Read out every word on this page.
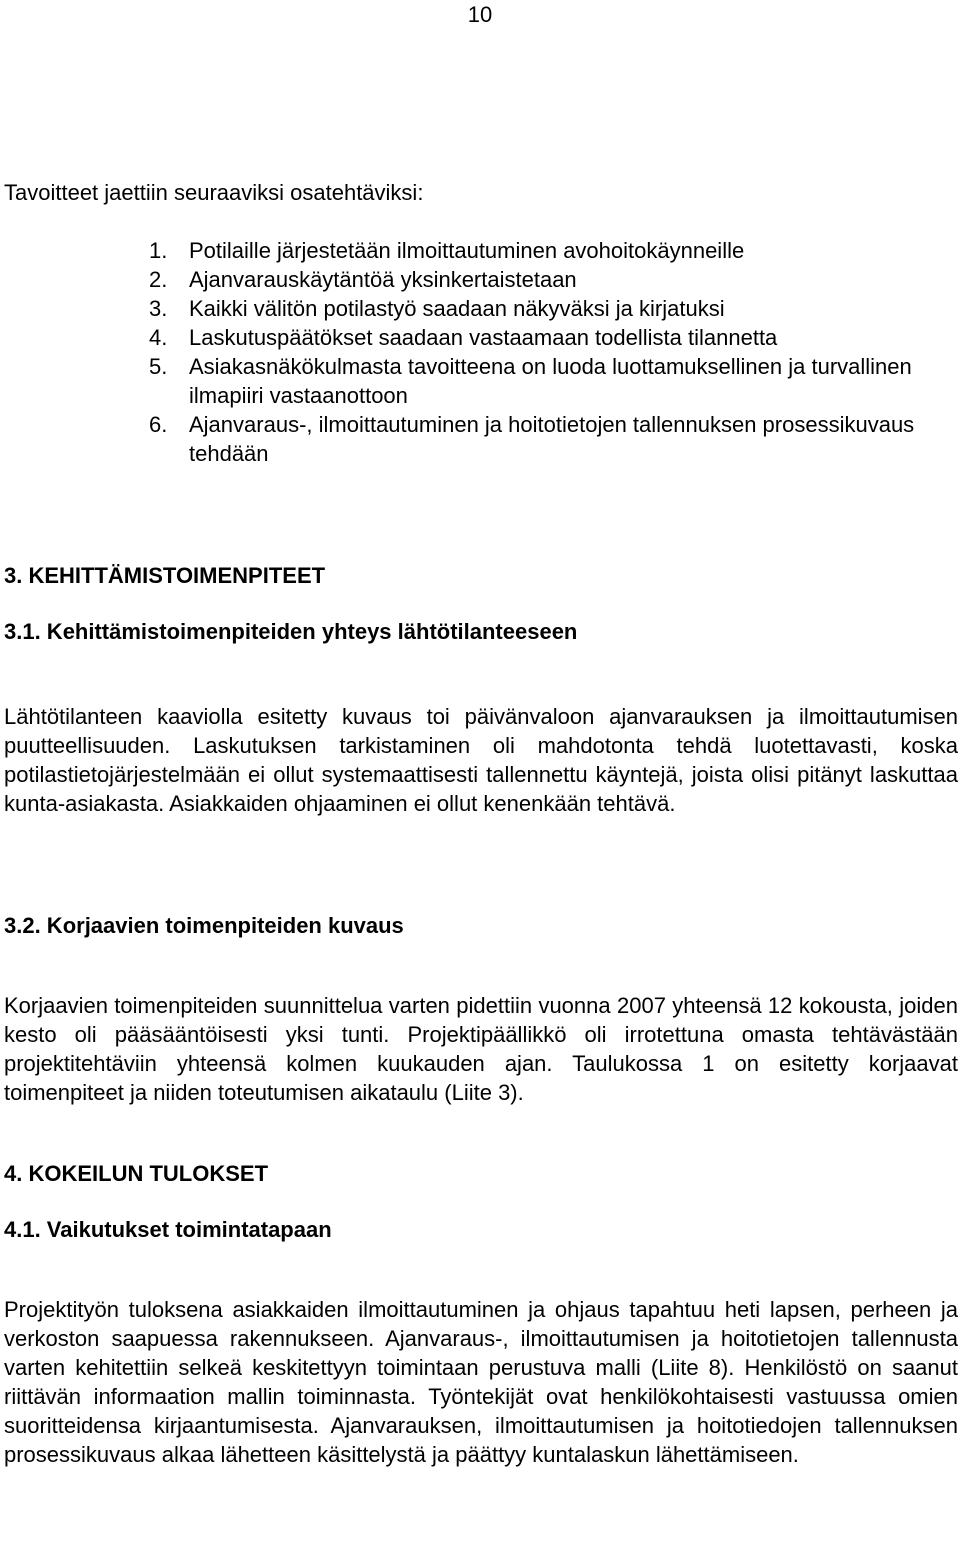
10

Tavoitteet jaettiin seuraaviksi osatehtäviksi:

1. Potilaille järjestetään ilmoittautuminen avohoitokäynneille
2. Ajanvarauskäytäntöä yksinkertaistetaan
3. Kaikki välitön potilastyö saadaan näkyväksi ja kirjatuksi
4. Laskutuspäätökset saadaan vastaamaan todellista tilannetta
5. Asiakasnäkökulmasta tavoitteena on luoda luottamuksellinen ja turvallinen ilmapiiri vastaanottoon
6. Ajanvaraus-, ilmoittautuminen ja hoitotietojen tallennuksen prosessikuvaus tehdään
3. KEHITTÄMISTOIMENPITEET
3.1. Kehittämistoimenpiteiden yhteys lähtötilanteeseen

Lähtötilanteen kaaviolla esitetty kuvaus toi päivänvaloon ajanvarauksen ja ilmoittautumisen puutteellisuuden. Laskutuksen tarkistaminen oli mahdotonta tehdä luotettavasti, koska potilastietojärjestelmään ei ollut systemaattisesti tallennettu käyntejä, joista olisi pitänyt laskuttaa kunta-asiakasta. Asiakkaiden ohjaaminen ei ollut kenenkään tehtävä.

3.2. Korjaavien toimenpiteiden kuvaus

Korjaavien toimenpiteiden suunnittelua varten pidettiin vuonna 2007 yhteensä 12 kokousta, joiden kesto oli pääsääntöisesti yksi tunti. Projektipäällikkö oli irrotettuna omasta tehtävästään projektitehtäviin yhteensä kolmen kuukauden ajan. Taulukossa 1 on esitetty korjaavat toimenpiteet ja niiden toteutumisen aikataulu (Liite 3).

4. KOKEILUN TULOKSET
4.1. Vaikutukset toimintatapaan

Projektityön tuloksena asiakkaiden ilmoittautuminen ja ohjaus tapahtuu heti lapsen, perheen ja verkoston saapuessa rakennukseen. Ajanvaraus-, ilmoittautumisen ja hoitotietojen tallennusta varten kehitettiin selkeä keskitettyyn toimintaan perustuva malli (Liite 8). Henkilöstö on saanut riittävän informaation mallin toiminnasta. Työntekijät ovat henkilökohtaisesti vastuussa omien suoritteidensa kirjaantumisesta. Ajanvarauksen, ilmoittautumisen ja hoitotiedojen tallennuksen prosessikuvaus alkaa lähetteen käsittelystä ja päättyy kuntalaskun lähettämiseen.
